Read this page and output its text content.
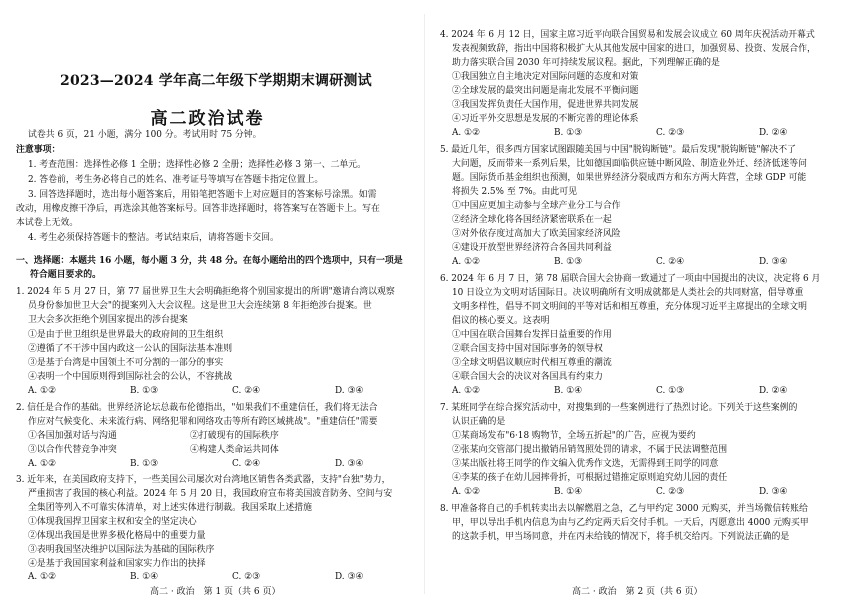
2023—2024 学年高二年级下学期期末调研测试
高二政治试卷
试卷共 6 页，21 小题，满分 100 分。考试用时 75 分钟。
注意事项：
1. 考查范围：选择性必修 1 全册；选择性必修 2 全册；选择性必修 3 第一、二单元。
2. 答卷前，考生务必将自己的姓名、准考证号等填写在答题卡指定位置上。
3. 回答选择题时，选出每小题答案后，用铅笔把答题卡上对应题目的答案标号涂黑。如需
改动，用橡皮擦干净后，再选涂其他答案标号。回答非选择题时，将答案写在答题卡上。写在
本试卷上无效。
4. 考生必须保持答题卡的整洁。考试结束后，请将答题卡交回。
一、选择题：本题共 16 小题，每小题 3 分，共 48 分。在每小题给出的四个选项中，只有一项是
符合题目要求的。
1. 2024 年 5 月 27 日，第 77 届世界卫生大会明确拒绝将个别国家提出的所谓"邀请台湾以观察
员身份参加世卫大会"的提案列入大会议程。这是世卫大会连续第 8 年拒绝涉台提案。世
卫大会多次拒绝个别国家提出的涉台提案
①是由于世卫组织是世界最大的政府间的卫生组织
②遵循了不干涉中国内政这一公认的国际法基本准则
③是基于台湾是中国领土不可分割的一部分的事实
④表明一个中国原则得到国际社会的公认，不容挑战
A. ①②	B. ①③	C. ②④	D. ③④
2. 信任是合作的基础。世界经济论坛总裁布伦德指出，"如果我们不重建信任，我们将无法合
作应对气候变化、未来流行病、网络犯罪和网络攻击等所有跨区域挑战"。"重建信任"需要
①各国加强对话与沟通	②打破现有的国际秩序
③以合作代替竞争冲突	④构建人类命运共同体
A. ①②	B. ①③	C. ②④	D. ③④
3. 近年来，在美国政府支持下，一些美国公司屡次对台湾地区销售各类武器，支持"台独"势力，
严重损害了我国的核心利益。2024 年 5 月 20 日，我国政府宣布将美国波音防务、空间与安
全集团等列入不可靠实体清单，对上述实体进行制裁。我国采取上述措施
①体现我国捍卫国家主权和安全的坚定决心
②体现出我国是世界多极化格局中的重要力量
③表明我国坚决维护以国际法为基础的国际秩序
④是基于我国国家利益和国家实力作出的抉择
A. ①②	B. ①④	C. ②③	D. ③④
高二 · 政治　第 1 页（共 6 页）
4. 2024 年 6 月 12 日，国家主席习近平向联合国贸易和发展会议成立 60 周年庆祝活动开幕式
发表视频致辞，指出中国将积极扩大从其他发展中国家的进口，加强贸易、投资、发展合作，
助力落实联合国 2030 年可持续发展议程。据此，下列理解正确的是
①我国独立自主地决定对国际问题的态度和对策
②全球发展的最突出问题是南北发展不平衡问题
③我国发挥负责任大国作用，促进世界共同发展
④习近平外交思想是发展的不断完善的理论体系
A. ①②	B. ①③	C. ②③	D. ②④
5. 最近几年，很多西方国家试图跟随美国与中国"脱钩断链"。最后发现"脱钩断链"解决不了
大问题，反而带来一系列后果，比如德国面临供应链中断风险、制造业外迁、经济低迷等问
题。国际货币基金组织也预测，如果世界经济分裂成西方和东方两大阵营，全球 GDP 可能
将损失 2.5% 至 7%。由此可见
①中国应更加主动参与全球产业分工与合作
②经济全球化将各国经济紧密联系在一起
③对外依存度过高加大了欧美国家经济风险
④建设开放型世界经济符合各国共同利益
A. ①②	B. ①③	C. ②④	D. ③④
6. 2024 年 6 月 7 日，第 78 届联合国大会协商一致通过了一项由中国提出的决议，决定将 6 月
10 日设立为文明对话国际日。决议明确所有文明成就都是人类社会的共同财富，倡导尊重
文明多样性，倡导不同文明间的平等对话和相互尊重，充分体现习近平主席提出的全球文明
倡议的核心要义。这表明
①中国在联合国舞台发挥日益重要的作用
②联合国支持中国对国际事务的领导权
③全球文明倡议顺应时代相互尊重的潮流
④联合国大会的决议对各国具有约束力
A. ①②	B. ①④	C. ①③	D. ②④
7. 某班同学在综合探究活动中，对搜集到的一些案例进行了热烈讨论。下列关于这些案例的
认识正确的是
①某商场发布"6·18 购物节，全场五折起"的广告，应视为要约
②张某向交管部门提出撤销吊销驾照处罚的请求，不属于民法调整范围
③某出版社将王同学的作文编入优秀作文选，无需得到王同学的同意
④李某的孩子在幼儿园摔骨折，可根据过错推定原则追究幼儿园的责任
A. ①②	B. ①④	C. ②③	D. ③④
8. 甲准备将自己的手机转卖出去以解燃眉之急，乙与甲约定 3000 元购买，并当场微信转账给
甲，甲以导出手机内信息为由与乙约定两天后交付手机。一天后，丙愿意出 4000 元购买甲
的这款手机，甲当场同意，并在丙未给钱的情况下，将手机交给丙。下列说法正确的是
高二 · 政治　第 2 页（共 6 页）
